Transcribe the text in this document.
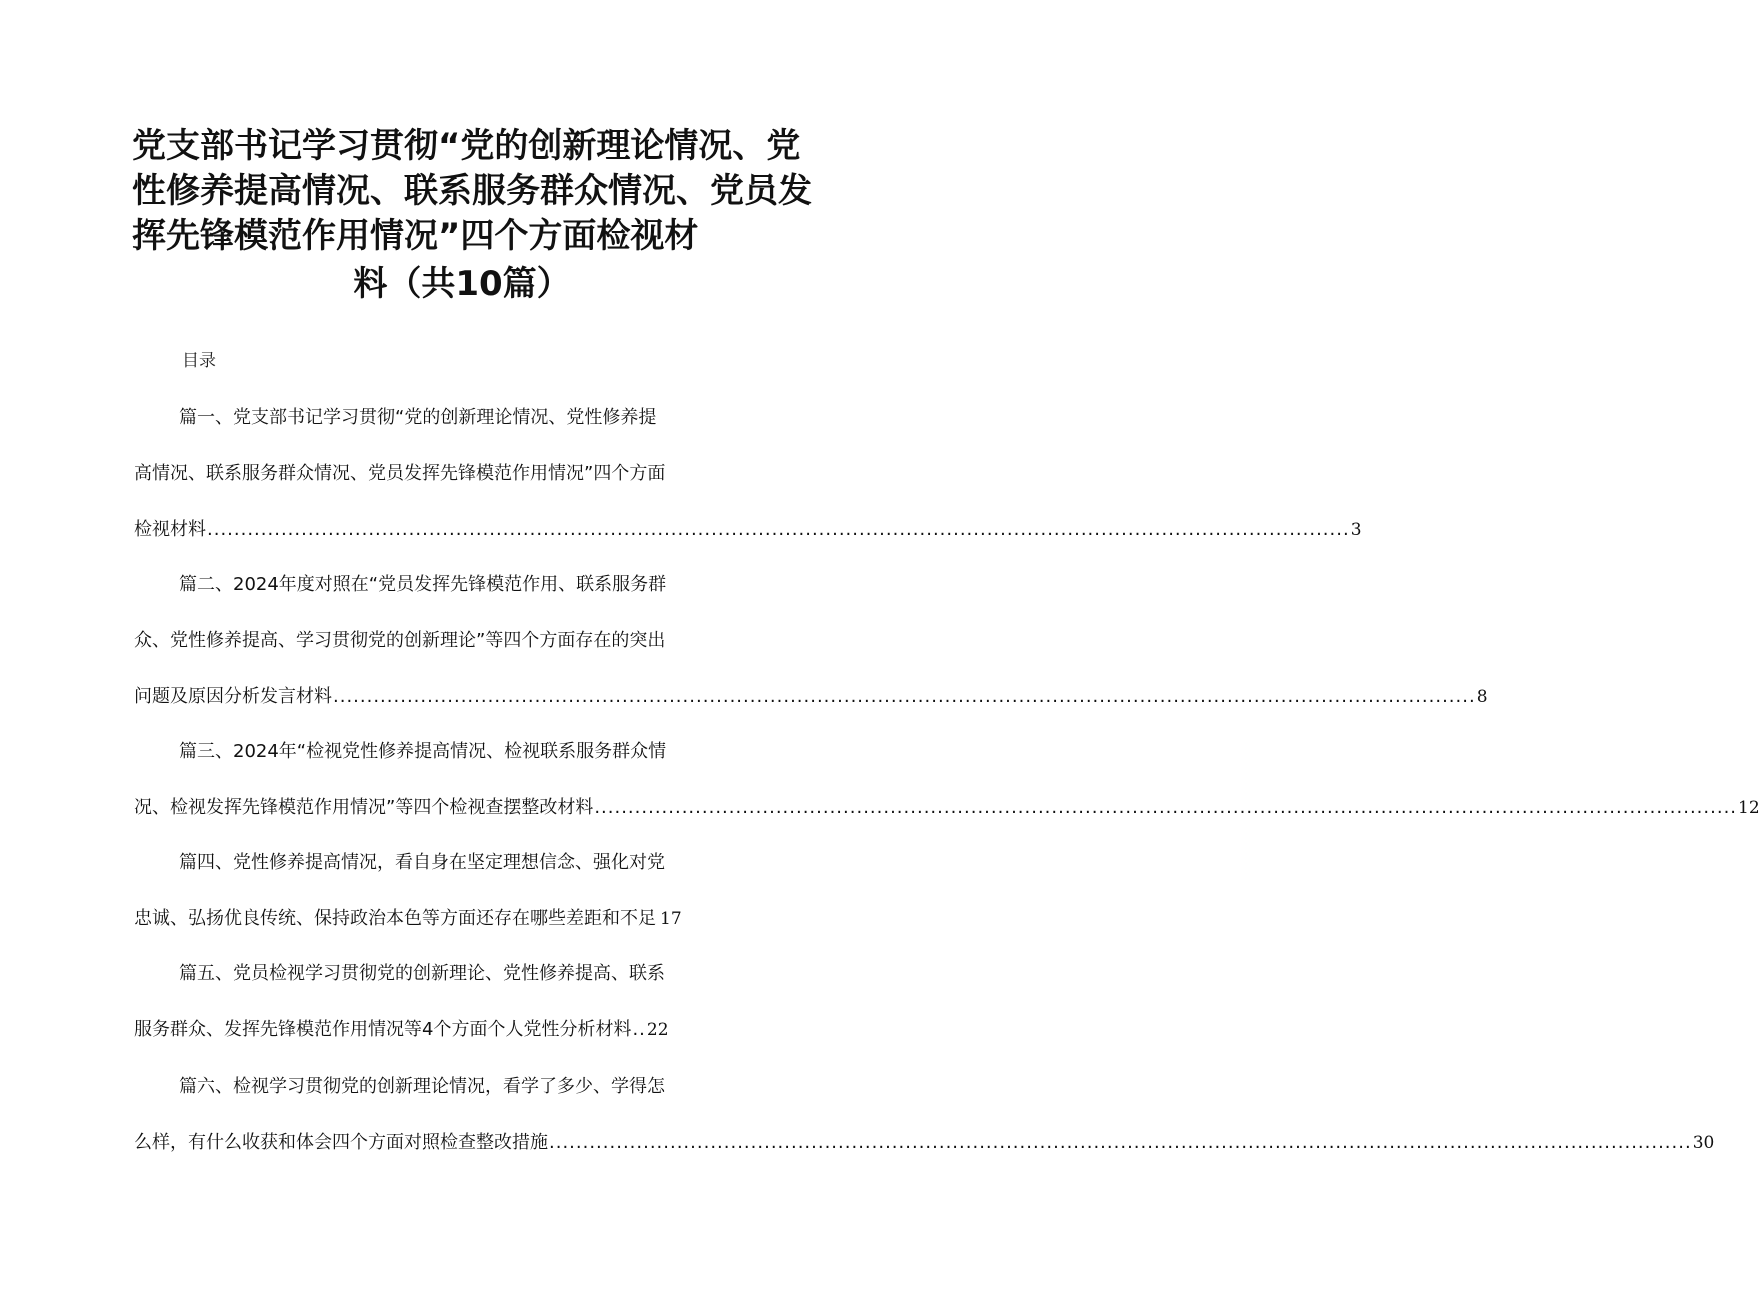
党支部书记学习贯彻“党的创新理论情况、党
性修养提高情况、联系服务群众情况、党员发
挥先锋模范作用情况”四个方面检视材
料（共10篇）
目录
篇一、党支部书记学习贯彻“党的创新理论情况、党性修养提
高情况、联系服务群众情况、党员发挥先锋模范作用情况”四个方面
检视材料 .......................................................................................................................................................................... 3
篇二、2024年度对照在“党员发挥先锋模范作用、联系服务群
众、党性修养提高、学习贯彻党的创新理论”等四个方面存在的突出
问题及原因分析发言材料 .......................................................................................................................................................................... 8
篇三、2024年“检视党性修养提高情况、检视联系服务群众情
况、检视发挥先锋模范作用情况”等四个检视查摆整改材料 .......................................................................................................................................................................... 12
篇四、党性修养提高情况，看自身在坚定理想信念、强化对党
忠诚、弘扬优良传统、保持政治本色等方面还存在哪些差距和不足 17
篇五、党员检视学习贯彻党的创新理论、党性修养提高、联系
服务群众、发挥先锋模范作用情况等4个方面个人党性分析材料 .. 22
篇六、检视学习贯彻党的创新理论情况，看学了多少、学得怎
么样，有什么收获和体会四个方面对照检查整改措施 .......................................................................................................................................................................... 30
